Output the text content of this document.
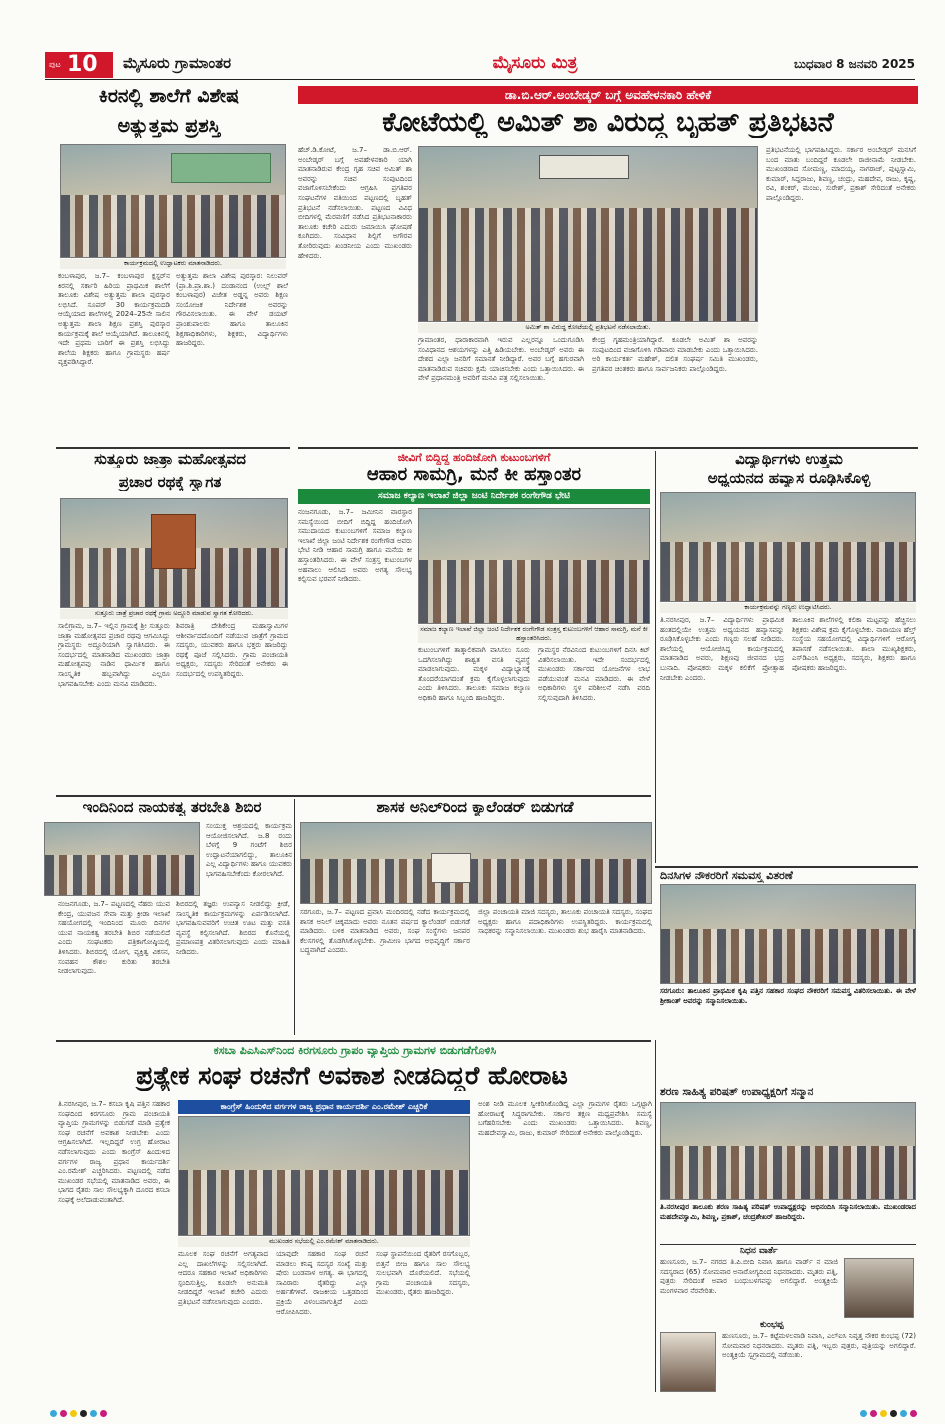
ಪುಟ 10 ಮೈಸೂರು ಗ್ರಾಮಾಂತರ	ಮೈಸೂರು ಮಿತ್ರ	ಬುಧವಾರ 8 ಜನವರಿ 2025
ಕಿರನಲ್ಲಿ ಶಾಲೆಗೆ ವಿಶೇಷ
ಅತ್ಯುತ್ತಮ ಪ್ರಶಸ್ತಿ
ಕಾರ್ಯಕ್ರಮದಲ್ಲಿ ಉದ್ಘಾಟಕರು ಮಾತನಾಡಿದರು.
ಕಂಬಳಾಪುರ, ಜ.7– ಕಂಬಳಾಪುರ ಕ್ಲಸ್ಟರ್‌ನ ಕಿರನಲ್ಲಿ ಸರ್ಕಾರಿ ಹಿರಿಯ ಪ್ರಾಥಮಿಕ ಶಾಲೆಗೆ ತಾಲೂಕು ವಿಶೇಷ ಅತ್ಯುತ್ತಮ ಶಾಲಾ ಪುರಸ್ಕಾರ ಲಭಿಸಿದೆ. ಸೂಪರ್ 30 ಕಾರ್ಯಕ್ರಮದಡಿ ಆಯ್ಕೆಯಾದ ಶಾಲೆಗಳಲ್ಲಿ 2024–25ನೇ ಸಾಲಿನ ಅತ್ಯುತ್ತಮ ಶಾಲಾ ಶಿಕ್ಷಣ ಪ್ರಶಸ್ತಿ ಪುರಸ್ಕಾರ ಕಾರ್ಯಕ್ರಮಕ್ಕೆ ಶಾಲೆ ಆಯ್ಕೆಯಾಗಿದೆ. ತಾಲೂಕಿನಲ್ಲಿ ಇದೇ ಪ್ರಥಮ ಬಾರಿಗೆ ಈ ಪ್ರಶಸ್ತಿ ಲಭಿಸಿದ್ದು ಶಾಲೆಯ ಶಿಕ್ಷಕರು ಹಾಗೂ ಗ್ರಾಮಸ್ಥರು ಹರ್ಷ ವ್ಯಕ್ತಪಡಿಸಿದ್ದಾರೆ.
ಅತ್ಯುತ್ತಮ ಶಾಲಾ ವಿಶೇಷ ಪುರಸ್ಕಾರ: ನಿಲುವರ್ (ಪ್ರಾ.ಶಿ.ಪ್ರಾ.ಶಾ.) ದಂಡಾನಂದ (ಉಲ್ಲ್ ಶಾಲೆ ಕಂಬಳಾಪುರ) ವಿಜೇತ ಅಡ್ಡನ್ನ ಅವರು ಶಿಕ್ಷಣ ಸಂಯೋಜಕ ನಿರ್ದೇಶಕ ಅವರನ್ನು ಗೌರವಿಸಲಾಯಿತು. ಈ ವೇಳೆ ಡಯಟ್ ಪ್ರಾಂಶುಪಾಲರು ಹಾಗೂ ತಾಲೂಕಿನ ಶಿಕ್ಷಣಾಧಿಕಾರಿಗಳು, ಶಿಕ್ಷಕರು, ವಿದ್ಯಾರ್ಥಿಗಳು ಹಾಜರಿದ್ದರು.
ಸುತ್ತೂರು ಜಾತ್ರಾ ಮಹೋತ್ಸವದ
ಪ್ರಚಾರ ರಥಕ್ಕೆ ಸ್ವಾಗತ
ಸುತ್ತೂರು ಜಾತ್ರೆ ಪ್ರಚಾರ ರಥಕ್ಕೆ ಗ್ರಾಮ ಅದ್ದೂರಿ ಮಾಡುವ ಸ್ವಾಗತ ಕೋರಿದರು.
ಸಾಲಿಗ್ರಾಮ, ಜ.7– ಇಲ್ಲಿನ ಗ್ರಾಮಕ್ಕೆ ಶ್ರೀ ಸುತ್ತೂರು ಜಾತ್ರಾ ಮಹೋತ್ಸವದ ಪ್ರಚಾರ ರಥವು ಆಗಮಿಸಿದ್ದು ಗ್ರಾಮಸ್ಥರು ಅದ್ದೂರಿಯಾಗಿ ಸ್ವಾಗತಿಸಿದರು. ಈ ಸಂದರ್ಭದಲ್ಲಿ ಮಾತನಾಡಿದ ಮುಖಂಡರು ಜಾತ್ರಾ ಮಹೋತ್ಸವವು ನಾಡಿನ ಧಾರ್ಮಿಕ ಹಾಗೂ ಸಾಂಸ್ಕೃತಿಕ ಹಬ್ಬವಾಗಿದ್ದು ಎಲ್ಲರೂ ಭಾಗವಹಿಸಬೇಕು ಎಂದು ಮನವಿ ಮಾಡಿದರು.
ಶಿವರಾತ್ರಿ ದೇಶಿಕೇಂದ್ರ ಮಹಾಸ್ವಾಮಿಗಳ ಆಶೀರ್ವಾದದೊಂದಿಗೆ ನಡೆಯುವ ಜಾತ್ರೆಗೆ ಗ್ರಾಮದ ಸದಸ್ಯರು, ಯುವಕರು ಹಾಗೂ ಭಕ್ತರು ಹಾಜರಿದ್ದು ರಥಕ್ಕೆ ಪೂಜೆ ಸಲ್ಲಿಸಿದರು. ಗ್ರಾಮ ಪಂಚಾಯತಿ ಅಧ್ಯಕ್ಷರು, ಸದಸ್ಯರು ಸೇರಿದಂತೆ ಅನೇಕರು ಈ ಸಂದರ್ಭದಲ್ಲಿ ಉಪಸ್ಥಿತರಿದ್ದರು.
ಡಾ.ಬಿ.ಆರ್.ಅಂಬೇಡ್ಕರ್ ಬಗ್ಗೆ ಅವಹೇಳನಕಾರಿ ಹೇಳಿಕೆ
ಕೋಟೆಯಲ್ಲಿ ಅಮಿತ್ ಶಾ ವಿರುದ್ಧ ಬೃಹತ್ ಪ್ರತಿಭಟನೆ
ಹೆಚ್.ಡಿ.ಕೋಟೆ, ಜ.7– ಡಾ.ಬಿ.ಆರ್. ಅಂಬೇಡ್ಕರ್ ಬಗ್ಗೆ ಅವಹೇಳನಕಾರಿ ಯಾಗಿ ಮಾತನಾಡಿರುವ ಕೇಂದ್ರ ಗೃಹ ಸಚಿವ ಅಮಿತ್ ಶಾ ಅವರನ್ನು ಸಚಿವ ಸಂಪುಟದಿಂದ ವಜಾಗೊಳಿಸಬೇಕೆಂದು ಆಗ್ರಹಿಸಿ ಪ್ರಗತಿಪರ ಸಂಘಟನೆಗಳ ವತಿಯಿಂದ ಪಟ್ಟಣದಲ್ಲಿ ಬೃಹತ್ ಪ್ರತಿಭಟನೆ ನಡೆಸಲಾಯಿತು. ಪಟ್ಟಣದ ವಿವಿಧ ಬೀದಿಗಳಲ್ಲಿ ಮೆರವಣಿಗೆ ನಡೆಸಿದ ಪ್ರತಿಭಟನಾಕಾರರು ತಾಲೂಕು ಕಚೇರಿ ಎದುರು ಜಮಾಯಿಸಿ ಘೋಷಣೆ ಕೂಗಿದರು. ಸಂವಿಧಾನ ಶಿಲ್ಪಿಗೆ ಅಗೌರವ ತೋರಿರುವುದು ಖಂಡನೀಯ ಎಂದು ಮುಖಂಡರು ಹೇಳಿದರು.
ಅಮಿತ್ ಶಾ ವಿರುದ್ಧ ಕೋಟೆಯಲ್ಲಿ ಪ್ರತಿಭಟನೆ ನಡೆಸಲಾಯಿತು.
ಗ್ರಾಮಾಂತರ, ಧಾರಾಕಾರವಾಗಿ ಇರುವ ಎಲ್ಲರನ್ನೂ ಒಂದುಗೂಡಿಸಿ ಸಂವಿಧಾನದ ಆಶಯಗಳನ್ನು ಎತ್ತಿ ಹಿಡಿಯಬೇಕು. ಅಂಬೇಡ್ಕರ್ ಅವರು ಈ ದೇಶದ ಎಲ್ಲಾ ಜನರಿಗೆ ಸಮಾನತೆ ನೀಡಿದ್ದಾರೆ. ಅವರ ಬಗ್ಗೆ ಹಗುರವಾಗಿ ಮಾತನಾಡಿರುವ ಸಚಿವರು ಕ್ಷಮೆ ಯಾಚಿಸಬೇಕು ಎಂದು ಒತ್ತಾಯಿಸಿದರು. ಈ ವೇಳೆ ಪ್ರಧಾನಮಂತ್ರಿ ಅವರಿಗೆ ಮನವಿ ಪತ್ರ ಸಲ್ಲಿಸಲಾಯಿತು.
ಕೇಂದ್ರ ಗೃಹಮಂತ್ರಿಯಾಗಿದ್ದಾರೆ. ಕೂಡಲೇ ಅಮಿತ್ ಶಾ ಅವರನ್ನು ಸಂಪುಟದಿಂದ ವಜಾಗೊಳಿಸಿ ಗಡಿಪಾರು ಮಾಡಬೇಕು ಎಂದು ಒತ್ತಾಯಿಸಿದರು. ಅರಿ ಕಾರ್ಯಕರ್ತ ಮಹೇಶ್, ದಲಿತ ಸಂಘರ್ಷ ಸಮಿತಿ ಮುಖಂಡರು, ಪ್ರಗತಿಪರ ಚಿಂತಕರು ಹಾಗೂ ಸಾರ್ವಜನಿಕರು ಪಾಲ್ಗೊಂಡಿದ್ದರು.
ಪ್ರತಿಭಟನೆಯಲ್ಲಿ ಭಾಗವಹಿಸಿದ್ದರು. ಸರ್ಕಾರ ಅಂಬೇಡ್ಕರ್ ಮನಸಿಗೆ ಬಂದ ಮಾತು ಬಂದಿದ್ದರೆ ಕೂಡಲೇ ರಾಜೀನಾಮೆ ನೀಡಬೇಕು. ಮುಖಂಡರಾದ ಸೋಮಣ್ಣ, ಮಾದಯ್ಯ, ನಾಗರಾಜ್, ಪುಟ್ಟಸ್ವಾಮಿ, ಕುಮಾರ್, ಸಿದ್ದರಾಜು, ಶಿವಣ್ಣ, ಚಂದ್ರು, ಮಹದೇವ, ರಾಜು, ಕೃಷ್ಣ, ರವಿ, ಶಂಕರ್, ಮಂಜು, ಸುರೇಶ್, ಪ್ರಕಾಶ್ ಸೇರಿದಂತೆ ಅನೇಕರು ಪಾಲ್ಗೊಂಡಿದ್ದರು.
ಜೀವಿಗೆ ಬಿದ್ದಿದ್ದ ಹಂದಿಜೋಗಿ ಕುಟುಂಬಗಳಿಗೆ
ಆಹಾರ ಸಾಮಗ್ರಿ, ಮನೆ ಕೀ ಹಸ್ತಾಂತರ
ಸಮಾಜ ಕಲ್ಯಾಣ ಇಲಾಖೆ ಜಿಲ್ಲಾ ಜಂಟಿ ನಿರ್ದೇಶಕ ರಂಗೇಗೌಡ ಭೇಟಿ
ನಂಜನಗೂಡು, ಜ.7– ಜಮೀನಿನ ವಾರಸ್ದಾರ ಸಮಸ್ಯೆಯಿಂದ ಬೀದಿಗೆ ಬಿದ್ದಿದ್ದ ಹಂದಿಜೋಗಿ ಸಮುದಾಯದ ಕುಟುಂಬಗಳಿಗೆ ಸಮಾಜ ಕಲ್ಯಾಣ ಇಲಾಖೆ ಜಿಲ್ಲಾ ಜಂಟಿ ನಿರ್ದೇಶಕ ರಂಗೇಗೌಡ ಅವರು ಭೇಟಿ ನೀಡಿ ಆಹಾರ ಸಾಮಗ್ರಿ ಹಾಗೂ ಮನೆಯ ಕೀ ಹಸ್ತಾಂತರಿಸಿದರು. ಈ ವೇಳೆ ಸಂತ್ರಸ್ತ ಕುಟುಂಬಗಳ ಅಹವಾಲು ಆಲಿಸಿದ ಅವರು ಅಗತ್ಯ ಸೌಲಭ್ಯ ಕಲ್ಪಿಸುವ ಭರವಸೆ ನೀಡಿದರು.
ಸಮಾಜ ಕಲ್ಯಾಣ ಇಲಾಖೆ ಜಿಲ್ಲಾ ಜಂಟಿ ನಿರ್ದೇಶಕ ರಂಗೇಗೌಡ ಸಂತ್ರಸ್ತ ಕುಟುಂಬಗಳಿಗೆ ಆಹಾರ ಸಾಮಗ್ರಿ, ಮನೆ ಕೀ ಹಸ್ತಾಂತರಿಸಿದರು.
ಕುಟುಂಬಗಳಿಗೆ ತಾತ್ಕಾಲಿಕವಾಗಿ ವಾಸಿಸಲು ಸೂರು ಒದಗಿಸಲಾಗಿದ್ದು ಶಾಶ್ವತ ವಸತಿ ವ್ಯವಸ್ಥೆ ಮಾಡಲಾಗುವುದು. ಮಕ್ಕಳ ವಿದ್ಯಾಭ್ಯಾಸಕ್ಕೆ ತೊಂದರೆಯಾಗದಂತೆ ಕ್ರಮ ಕೈಗೊಳ್ಳಲಾಗುವುದು ಎಂದು ತಿಳಿಸಿದರು. ತಾಲೂಕು ಸಮಾಜ ಕಲ್ಯಾಣ ಅಧಿಕಾರಿ ಹಾಗೂ ಸಿಬ್ಬಂದಿ ಹಾಜರಿದ್ದರು.
ಗ್ರಾಮಸ್ಥರ ನೆರವಿನಿಂದ ಕುಟುಂಬಗಳಿಗೆ ದಿನಸಿ ಕಿಟ್ ವಿತರಿಸಲಾಯಿತು. ಇದೇ ಸಂದರ್ಭದಲ್ಲಿ ಮುಖಂಡರು ಸರ್ಕಾರದ ಯೋಜನೆಗಳ ಲಾಭ ಪಡೆಯುವಂತೆ ಮನವಿ ಮಾಡಿದರು. ಈ ವೇಳೆ ಅಧಿಕಾರಿಗಳು ಸ್ಥಳ ಪರಿಶೀಲನೆ ನಡೆಸಿ ವರದಿ ಸಲ್ಲಿಸುವುದಾಗಿ ತಿಳಿಸಿದರು.
ವಿದ್ಯಾರ್ಥಿಗಳು ಉತ್ತಮ
ಅಧ್ಯಯನದ ಹವ್ಯಾಸ ರೂಢಿಸಿಕೊಳ್ಳಿ
ಕಾರ್ಯಕ್ರಮವನ್ನು ಗಣ್ಯರು ಉದ್ಘಾಟಿಸಿದರು.
ತಿ.ನರಸೀಪುರ, ಜ.7– ವಿದ್ಯಾರ್ಥಿಗಳು ಪ್ರಾಥಮಿಕ ಹಂತದಲ್ಲಿಯೇ ಉತ್ತಮ ಅಧ್ಯಯನದ ಹವ್ಯಾಸವನ್ನು ರೂಢಿಸಿಕೊಳ್ಳಬೇಕು ಎಂದು ಗಣ್ಯರು ಸಲಹೆ ನೀಡಿದರು. ಶಾಲೆಯಲ್ಲಿ ಆಯೋಜಿಸಿದ್ದ ಕಾರ್ಯಕ್ರಮದಲ್ಲಿ ಮಾತನಾಡಿದ ಅವರು, ಶಿಕ್ಷಣವು ಜೀವನದ ಭದ್ರ ಬುನಾದಿ. ಪೋಷಕರು ಮಕ್ಕಳ ಕಲಿಕೆಗೆ ಪ್ರೋತ್ಸಾಹ ನೀಡಬೇಕು ಎಂದರು.
ತಾಲೂಕಿನ ಶಾಲೆಗಳಲ್ಲಿ ಕಲಿಕಾ ಮಟ್ಟವನ್ನು ಹೆಚ್ಚಿಸಲು ಶಿಕ್ಷಕರು ವಿಶೇಷ ಕ್ರಮ ಕೈಗೊಳ್ಳಬೇಕು. ನಾರಾಯಣ ಹೆಲ್ತ್ ಸಂಸ್ಥೆಯ ಸಹಯೋಗದಲ್ಲಿ ವಿದ್ಯಾರ್ಥಿಗಳಿಗೆ ಆರೋಗ್ಯ ತಪಾಸಣೆ ನಡೆಸಲಾಯಿತು. ಶಾಲಾ ಮುಖ್ಯಶಿಕ್ಷಕರು, ಎಸ್‌ಡಿಎಂಸಿ ಅಧ್ಯಕ್ಷರು, ಸದಸ್ಯರು, ಶಿಕ್ಷಕರು ಹಾಗೂ ಪೋಷಕರು ಹಾಜರಿದ್ದರು.
ಇಂದಿನಿಂದ ನಾಯಕತ್ವ ತರಬೇತಿ ಶಿಬಿರ
ಸಂಯುಕ್ತ ಆಶ್ರಯದಲ್ಲಿ ಕಾರ್ಯಕ್ರಮ ಆಯೋಜಿಸಲಾಗಿದೆ. ಜ.8 ರಂದು ಬೆಳಗ್ಗೆ 9 ಗಂಟೆಗೆ ಶಿಬಿರ ಉದ್ಘಾಟನೆಯಾಗಲಿದ್ದು, ತಾಲೂಕಿನ ಎಲ್ಲ ವಿದ್ಯಾರ್ಥಿಗಳು ಹಾಗೂ ಯುವಕರು ಭಾಗವಹಿಸಬೇಕೆಂದು ಕೋರಲಾಗಿದೆ.
ನಂಜನಗೂಡು, ಜ.7– ಪಟ್ಟಣದಲ್ಲಿ ನೆಹರು ಯುವ ಕೇಂದ್ರ, ಯುವಜನ ಸೇವಾ ಮತ್ತು ಕ್ರೀಡಾ ಇಲಾಖೆ ಸಹಯೋಗದಲ್ಲಿ ಇಂದಿನಿಂದ ಮೂರು ದಿನಗಳ ಯುವ ನಾಯಕತ್ವ ತರಬೇತಿ ಶಿಬಿರ ನಡೆಯಲಿದೆ ಎಂದು ಸಂಘಟಕರು ಪತ್ರಿಕಾಗೋಷ್ಠಿಯಲ್ಲಿ ತಿಳಿಸಿದರು. ಶಿಬಿರದಲ್ಲಿ ಯೋಗ, ವ್ಯಕ್ತಿತ್ವ ವಿಕಸನ, ಸಂವಹನ ಕೌಶಲ ಕುರಿತು ತರಬೇತಿ ನೀಡಲಾಗುವುದು.
ಶಿಬಿರದಲ್ಲಿ ತಜ್ಞರು ಉಪನ್ಯಾಸ ನೀಡಲಿದ್ದು ಕ್ರೀಡೆ, ಸಾಂಸ್ಕೃತಿಕ ಕಾರ್ಯಕ್ರಮಗಳನ್ನು ಏರ್ಪಡಿಸಲಾಗಿದೆ. ಭಾಗವಹಿಸುವವರಿಗೆ ಉಚಿತ ಊಟ ಮತ್ತು ವಸತಿ ವ್ಯವಸ್ಥೆ ಕಲ್ಪಿಸಲಾಗಿದೆ. ಶಿಬಿರದ ಕೊನೆಯಲ್ಲಿ ಪ್ರಮಾಣಪತ್ರ ವಿತರಿಸಲಾಗುವುದು ಎಂದು ಮಾಹಿತಿ ನೀಡಿದರು.
ಶಾಸಕ ಅನಿಲ್‌ರಿಂದ ಕ್ಯಾಲೆಂಡರ್ ಬಿಡುಗಡೆ
ಸರಗೂರು, ಜ.7– ಪಟ್ಟಣದ ಪ್ರವಾಸಿ ಮಂದಿರದಲ್ಲಿ ನಡೆದ ಕಾರ್ಯಕ್ರಮದಲ್ಲಿ ಶಾಸಕ ಅನಿಲ್ ಚಿಕ್ಕಮಾದು ಅವರು ನೂತನ ವರ್ಷದ ಕ್ಯಾಲೆಂಡರ್ ಬಿಡುಗಡೆ ಮಾಡಿದರು. ಬಳಿಕ ಮಾತನಾಡಿದ ಅವರು, ಸಂಘ ಸಂಸ್ಥೆಗಳು ಜನಪರ ಕೆಲಸಗಳಲ್ಲಿ ತೊಡಗಿಸಿಕೊಳ್ಳಬೇಕು. ಗ್ರಾಮೀಣ ಭಾಗದ ಅಭಿವೃದ್ಧಿಗೆ ಸರ್ಕಾರ ಬದ್ಧವಾಗಿದೆ ಎಂದರು.
ಜಿಲ್ಲಾ ಪಂಚಾಯತಿ ಮಾಜಿ ಸದಸ್ಯರು, ತಾಲೂಕು ಪಂಚಾಯತಿ ಸದಸ್ಯರು, ಸಂಘದ ಅಧ್ಯಕ್ಷರು ಹಾಗೂ ಪದಾಧಿಕಾರಿಗಳು ಉಪಸ್ಥಿತರಿದ್ದರು. ಕಾರ್ಯಕ್ರಮದಲ್ಲಿ ಸಾಧಕರನ್ನು ಸನ್ಮಾನಿಸಲಾಯಿತು. ಮುಖಂಡರು ಶುಭ ಹಾರೈಸಿ ಮಾತನಾಡಿದರು.
ದಿನಸಿಗಳ ನೌಕರರಿಗೆ ಸಮವಸ್ತ್ರ ವಿತರಣೆ
ಸರಗೂರು: ತಾಲೂಕಿನ ಪ್ರಾಥಮಿಕ ಕೃಷಿ ಪತ್ತಿನ ಸಹಕಾರ ಸಂಘದ ನೌಕರರಿಗೆ ಸಮವಸ್ತ್ರ ವಿತರಿಸಲಾಯಿತು. ಈ ವೇಳೆ ಶ್ರೀಕಾಂತ್ ಅವರನ್ನು ಸನ್ಮಾನಿಸಲಾಯಿತು.
ಕಸಬಾ ಪಿಎಸಿಎಸ್‌ನಿಂದ ಕಿರಗಸೂರು ಗ್ರಾಪಂ ವ್ಯಾಪ್ತಿಯ ಗ್ರಾಮಗಳ ಬಿಡುಗಡೆಗೊಳಿಸಿ
ಪ್ರತ್ಯೇಕ ಸಂಘ ರಚನೆಗೆ ಅವಕಾಶ ನೀಡದಿದ್ದರೆ ಹೋರಾಟ
ತಿ.ನರಸೀಪುರ, ಜ.7– ಕಸಬಾ ಕೃಷಿ ಪತ್ತಿನ ಸಹಕಾರ ಸಂಘದಿಂದ ಕಿರಗಸೂರು ಗ್ರಾಮ ಪಂಚಾಯತಿ ವ್ಯಾಪ್ತಿಯ ಗ್ರಾಮಗಳನ್ನು ಬಿಡುಗಡೆ ಮಾಡಿ ಪ್ರತ್ಯೇಕ ಸಂಘ ರಚನೆಗೆ ಅವಕಾಶ ನೀಡಬೇಕು ಎಂದು ಆಗ್ರಹಿಸಲಾಗಿದೆ. ಇಲ್ಲದಿದ್ದರೆ ಉಗ್ರ ಹೋರಾಟ ನಡೆಸಲಾಗುವುದು ಎಂದು ಕಾಂಗ್ರೆಸ್ ಹಿಂದುಳಿದ ವರ್ಗಗಳ ರಾಜ್ಯ ಪ್ರಧಾನ ಕಾರ್ಯದರ್ಶಿ ಎಂ.ರಮೇಶ್ ಎಚ್ಚರಿಸಿದರು. ಪಟ್ಟಣದಲ್ಲಿ ನಡೆದ ಮುಖಂಡರ ಸಭೆಯಲ್ಲಿ ಮಾತನಾಡಿದ ಅವರು, ಈ ಭಾಗದ ರೈತರು ಸಾಲ ಸೌಲಭ್ಯಕ್ಕಾಗಿ ದೂರದ ಕಸಬಾ ಸಂಘಕ್ಕೆ ಅಲೆದಾಡುವಂತಾಗಿದೆ.
ಕಾಂಗ್ರೆಸ್ ಹಿಂದುಳಿದ ವರ್ಗಗಳ ರಾಜ್ಯ ಪ್ರಧಾನ ಕಾರ್ಯದರ್ಶಿ ಎಂ.ರಮೇಶ್ ಎಚ್ಚರಿಕೆ
ಮುಖಂಡರ ಸಭೆಯಲ್ಲಿ ಎಂ.ರಮೇಶ್ ಮಾತನಾಡಿದರು.
ಮೂಲಕ ಸಂಘ ರಚನೆಗೆ ಅಗತ್ಯವಾದ ಎಲ್ಲ ದಾಖಲೆಗಳನ್ನು ಸಲ್ಲಿಸಲಾಗಿದೆ. ಆದರೂ ಸಹಕಾರ ಇಲಾಖೆ ಅಧಿಕಾರಿಗಳು ಸ್ಪಂದಿಸುತ್ತಿಲ್ಲ. ಕೂಡಲೇ ಅನುಮತಿ ನೀಡದಿದ್ದರೆ ಇಲಾಖೆ ಕಚೇರಿ ಎದುರು ಪ್ರತಿಭಟನೆ ನಡೆಸಲಾಗುವುದು ಎಂದರು.
ಯಾವುದೇ ಸಹಕಾರ ಸಂಘ ರಚನೆ ಮಾಡಲು ಕನಿಷ್ಠ ಸದಸ್ಯರ ಸಂಖ್ಯೆ ಮತ್ತು ಷೇರು ಬಂಡವಾಳ ಅಗತ್ಯ. ಈ ಭಾಗದಲ್ಲಿ ಸಾವಿರಾರು ರೈತರಿದ್ದು ಎಲ್ಲಾ ಅರ್ಹತೆಗಳಿವೆ. ರಾಜಕೀಯ ಒತ್ತಡದಿಂದ ಪ್ರಕ್ರಿಯೆ ವಿಳಂಬವಾಗುತ್ತಿದೆ ಎಂದು ಆರೋಪಿಸಿದರು.
ಸಂಘ ಸ್ಥಾಪನೆಯಿಂದ ರೈತರಿಗೆ ರಸಗೊಬ್ಬರ, ಬಿತ್ತನೆ ಬೀಜ ಹಾಗೂ ಸಾಲ ಸೌಲಭ್ಯ ಸುಲಭವಾಗಿ ದೊರೆಯಲಿದೆ. ಸಭೆಯಲ್ಲಿ ಗ್ರಾಮ ಪಂಚಾಯತಿ ಸದಸ್ಯರು, ಮುಖಂಡರು, ರೈತರು ಹಾಜರಿದ್ದರು.
ಅಂಶ ನೀಡಿ ಮೂಲಕ ಸ್ವೀಕರಿಸಿಕೊಂಡಿದ್ದ ಎಲ್ಲಾ ಗ್ರಾಮಗಳ ರೈತರು ಒಗ್ಗಟ್ಟಾಗಿ ಹೋರಾಟಕ್ಕೆ ಸಿದ್ಧರಾಗಬೇಕು. ಸರ್ಕಾರ ತಕ್ಷಣ ಮಧ್ಯಪ್ರವೇಶಿಸಿ ಸಮಸ್ಯೆ ಬಗೆಹರಿಸಬೇಕು ಎಂದು ಮುಖಂಡರು ಒತ್ತಾಯಿಸಿದರು. ಶಿವಣ್ಣ, ಮಹದೇವಸ್ವಾಮಿ, ರಾಜು, ಕುಮಾರ್ ಸೇರಿದಂತೆ ಅನೇಕರು ಪಾಲ್ಗೊಂಡಿದ್ದರು.
ಶರಣ ಸಾಹಿತ್ಯ ಪರಿಷತ್ ಉಪಾಧ್ಯಕ್ಷರಿಗೆ ಸನ್ಮಾನ
ತಿ.ನರಸೀಪುರ ತಾಲೂಕು ಶರಣ ಸಾಹಿತ್ಯ ಪರಿಷತ್ ಉಪಾಧ್ಯಕ್ಷರನ್ನು ಅಭಿನಂದಿಸಿ ಸನ್ಮಾನಿಸಲಾಯಿತು. ಮುಖಂಡರಾದ ಮಹದೇವಸ್ವಾಮಿ, ಶಿವಣ್ಣ, ಪ್ರಕಾಶ್, ಚಂದ್ರಶೇಖರ್ ಹಾಜರಿದ್ದರು.
ನಿಧನ ವಾರ್ತೆ
ಹುಣಸೂರು, ಜ.7– ನಗರದ ತಿ.ಪಿ.ಬೀದಿ ನಿವಾಸಿ ಹಾಗೂ ವಾರ್ಡ್ ನ ಮಾಜಿ ಸದಸ್ಯರಾದ (65) ಸೋಮವಾರ ಅನಾರೋಗ್ಯದಿಂದ ನಿಧನರಾದರು. ಮೃತರು ಪತ್ನಿ, ಪುತ್ರರು ಸೇರಿದಂತೆ ಅಪಾರ ಬಂಧುಬಳಗವನ್ನು ಅಗಲಿದ್ದಾರೆ. ಅಂತ್ಯಕ್ರಿಯೆ ಮಂಗಳವಾರ ನೆರವೇರಿತು.
ಕುಂಭಪ್ಪ
ಹುಣಸೂರು, ಜ.7– ಕಟ್ಟೆಮಳಲವಾಡಿ ನಿವಾಸಿ, ಎಲ್‌ಐಸಿ ನಿವೃತ್ತ ನೌಕರ ಕುಂಭಪ್ಪ (72) ಸೋಮವಾರ ನಿಧನರಾದರು. ಮೃತರು ಪತ್ನಿ, ಇಬ್ಬರು ಪುತ್ರರು, ಪುತ್ರಿಯನ್ನು ಅಗಲಿದ್ದಾರೆ. ಅಂತ್ಯಕ್ರಿಯೆ ಸ್ವಗ್ರಾಮದಲ್ಲಿ ನಡೆಯಿತು.
